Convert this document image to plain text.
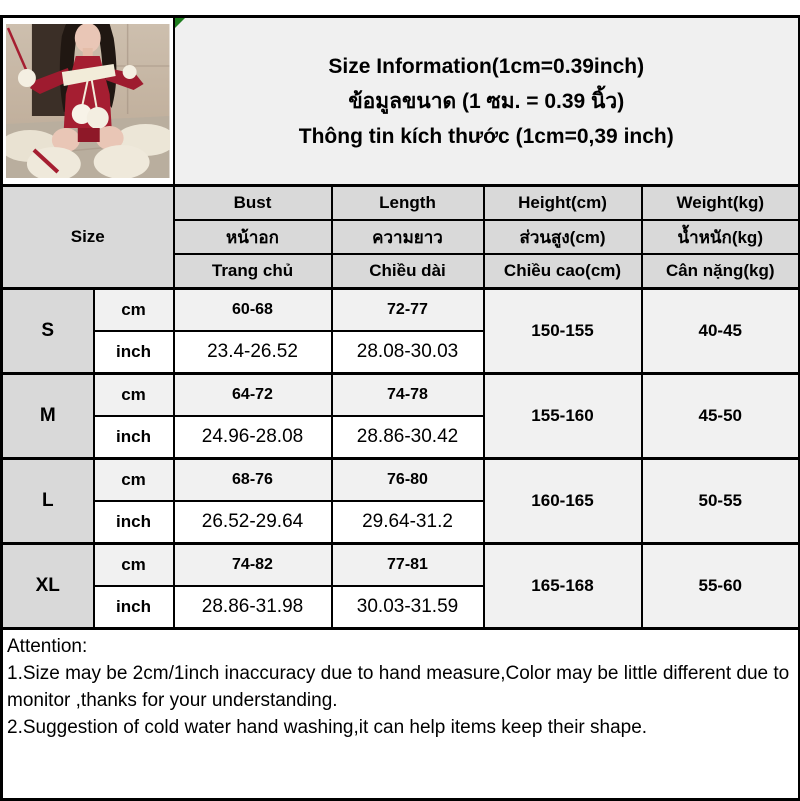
Size Information(1cm=0.39inch)
ข้อมูลขนาด (1 ซม. = 0.39 นิ้ว)
Thông tin kích thước (1cm=0,39 inch)			

Size		Bust	Length	Height(cm)	Weight(kg)
		หน้าอก	ความยาว	ส่วนสูง(cm)	น้ำหนัก(kg)
		Trang chủ	Chiều dài	Chiều cao(cm)	Cân nặng(kg)
S	cm	60-68	72-77	150-155	40-45
	inch	23.4-26.52	28.08-30.03		
M	cm	64-72	74-78	155-160	45-50
	inch	24.96-28.08	28.86-30.42		
L	cm	68-76	76-80	160-165	50-55
	inch	26.52-29.64	29.64-31.2		
XL	cm	74-82	77-81	165-168	55-60
	inch	28.86-31.98	30.03-31.59		

Attention:

1.Size may be 2cm/1inch inaccuracy due to hand measure,Color may be little different due to monitor ,thanks for your understanding.

2.Suggestion of cold water hand washing,it can help items keep their shape.					
